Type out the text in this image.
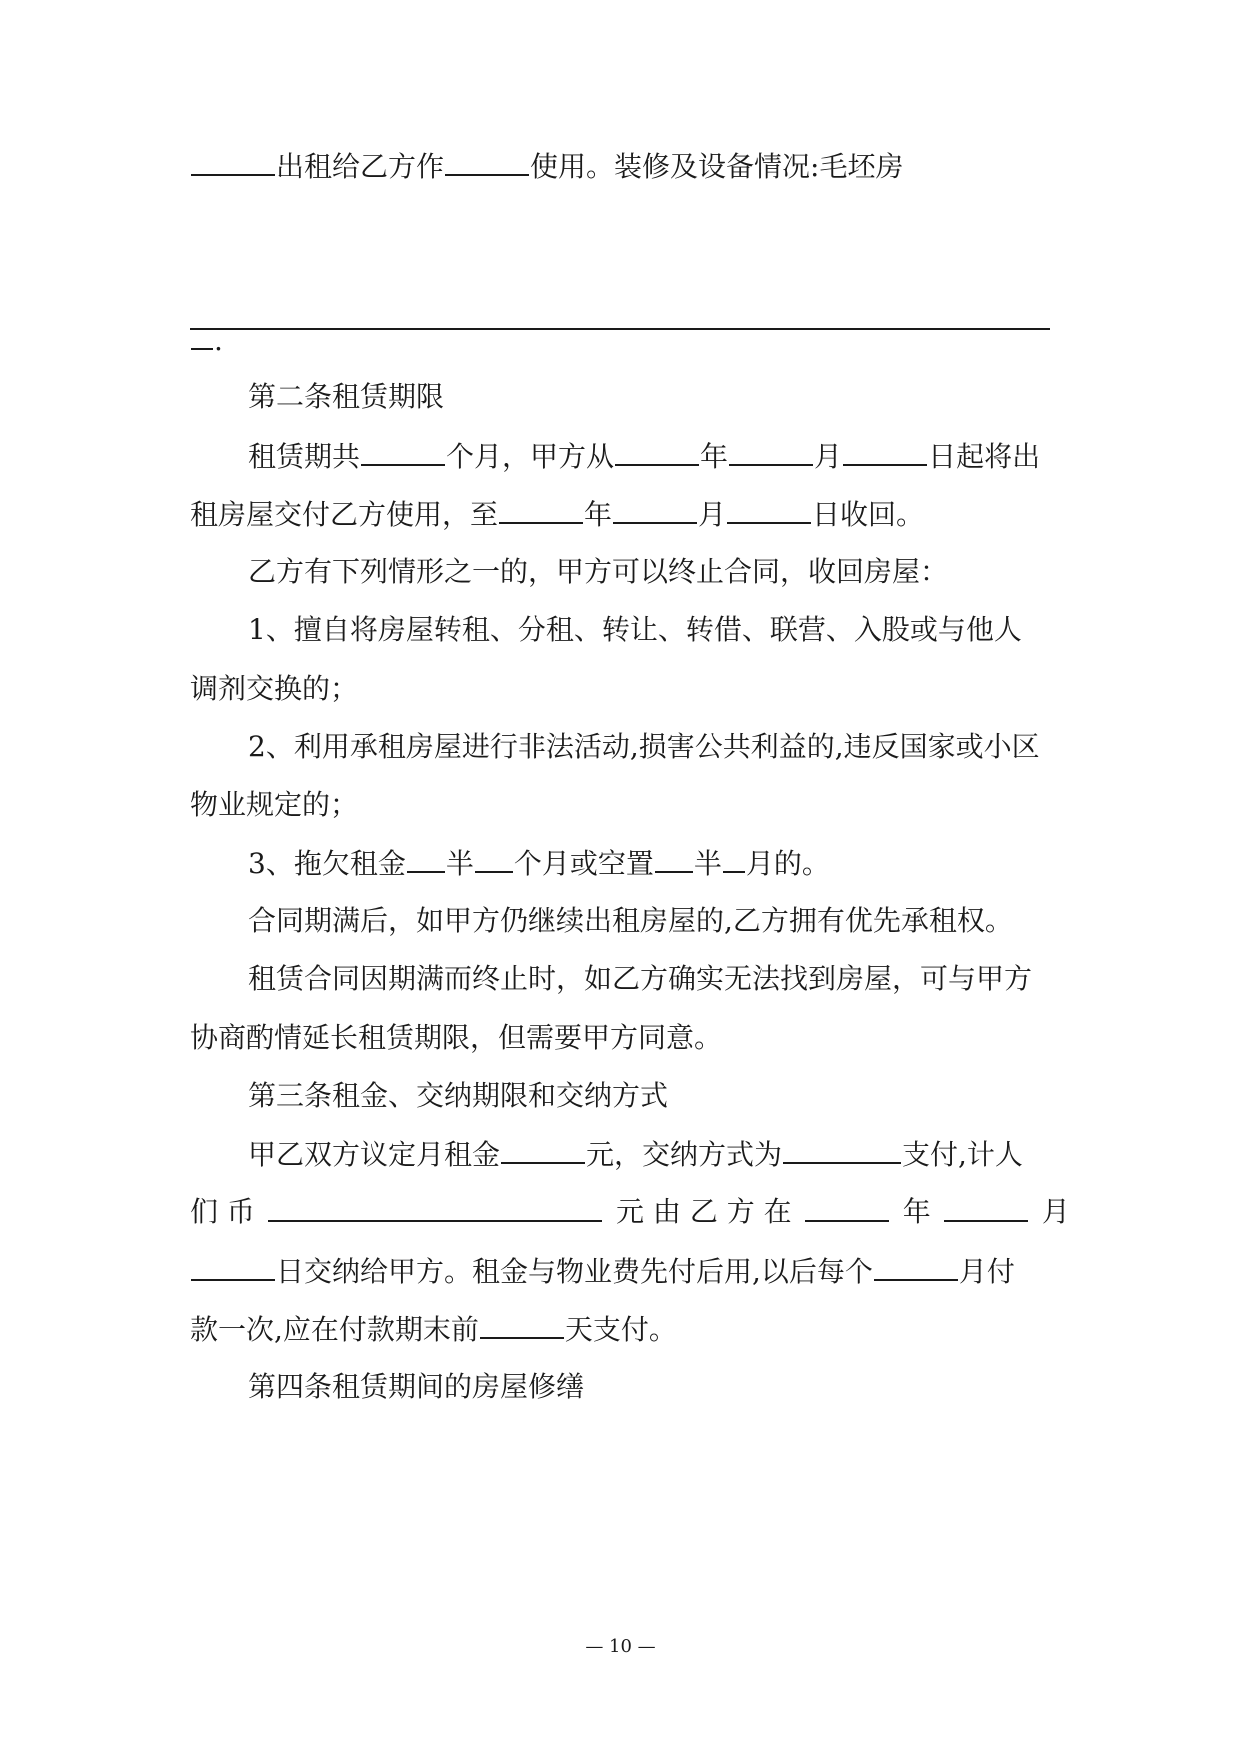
出租给乙方作	使用。装修及设备情况:毛坯房
.
第二条租赁期限
租赁期共	个月，甲方从	年	月	日起将出
租房屋交付乙方使用，至	年	月	日收回。
乙方有下列情形之一的，甲方可以终止合同，收回房屋：
1、擅自将房屋转租、分租、转让、转借、联营、入股或与他人
调剂交换的；
2、利用承租房屋进行非法活动,损害公共利益的,违反国家或小区
物业规定的；
3、拖欠租金 半 个月或空置 半 月的。
合同期满后，如甲方仍继续出租房屋的,乙方拥有优先承租权。
租赁合同因期满而终止时，如乙方确实无法找到房屋，可与甲方
协商酌情延长租赁期限，但需要甲方同意。
第三条租金、交纳期限和交纳方式
甲乙双方议定月租金	元，交纳方式为	支付,计人
们 币	元 由 乙 方 在	年	月
日交纳给甲方。租金与物业费先付后用,以后每个	月付
款一次,应在付款期末前	天支付。
第四条租赁期间的房屋修缮
— 10 —
